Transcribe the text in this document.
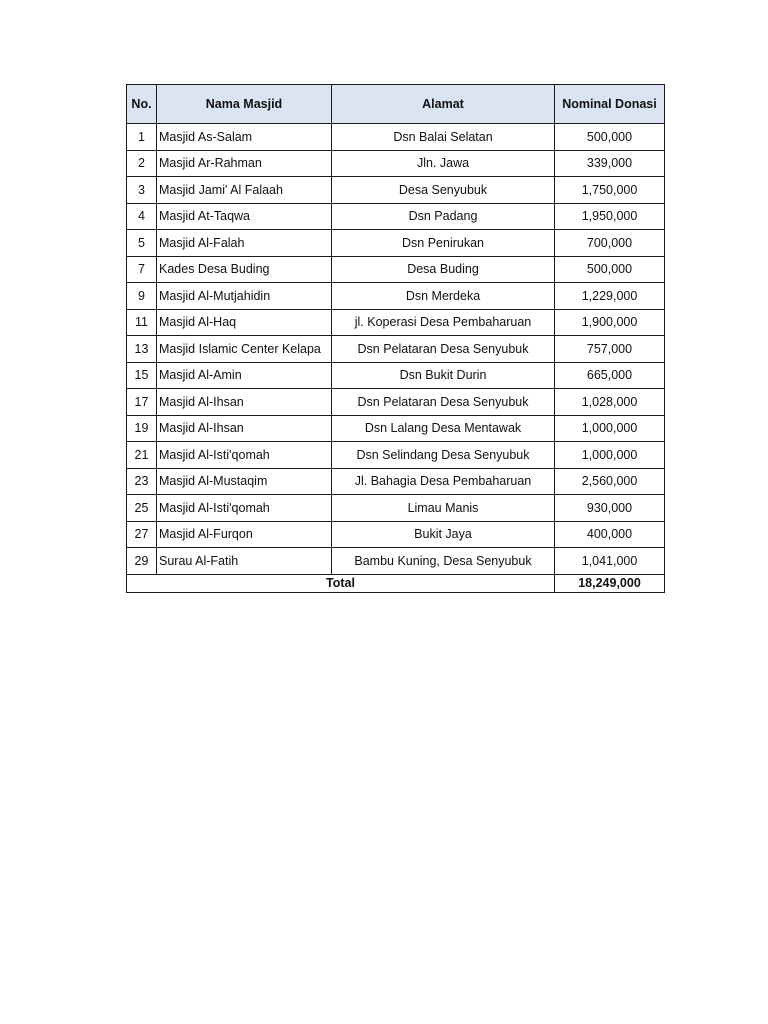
No.	Nama Masjid	Alamat	Nominal Donasi
1	Masjid As-Salam	Dsn Balai Selatan	500,000
2	Masjid Ar-Rahman	Jln. Jawa	339,000
3	Masjid Jami' Al Falaah	Desa Senyubuk	1,750,000
4	Masjid At-Taqwa	Dsn Padang	1,950,000
5	Masjid Al-Falah	Dsn Penirukan	700,000
7	Kades Desa Buding	Desa Buding	500,000
9	Masjid Al-Mutjahidin	Dsn Merdeka	1,229,000
11	Masjid Al-Haq	jl. Koperasi Desa Pembaharuan	1,900,000
13	Masjid Islamic Center Kelapa	Dsn Pelataran Desa Senyubuk	757,000
15	Masjid Al-Amin	Dsn Bukit Durin	665,000
17	Masjid Al-Ihsan	Dsn Pelataran Desa Senyubuk	1,028,000
19	Masjid Al-Ihsan	Dsn Lalang Desa Mentawak	1,000,000
21	Masjid Al-Isti'qomah	Dsn Selindang Desa Senyubuk	1,000,000
23	Masjid Al-Mustaqim	Jl. Bahagia Desa Pembaharuan	2,560,000
25	Masjid Al-Isti'qomah	Limau Manis	930,000
27	Masjid Al-Furqon	Bukit Jaya	400,000
29	Surau Al-Fatih	Bambu Kuning, Desa Senyubuk	1,041,000
Total			18,249,000
